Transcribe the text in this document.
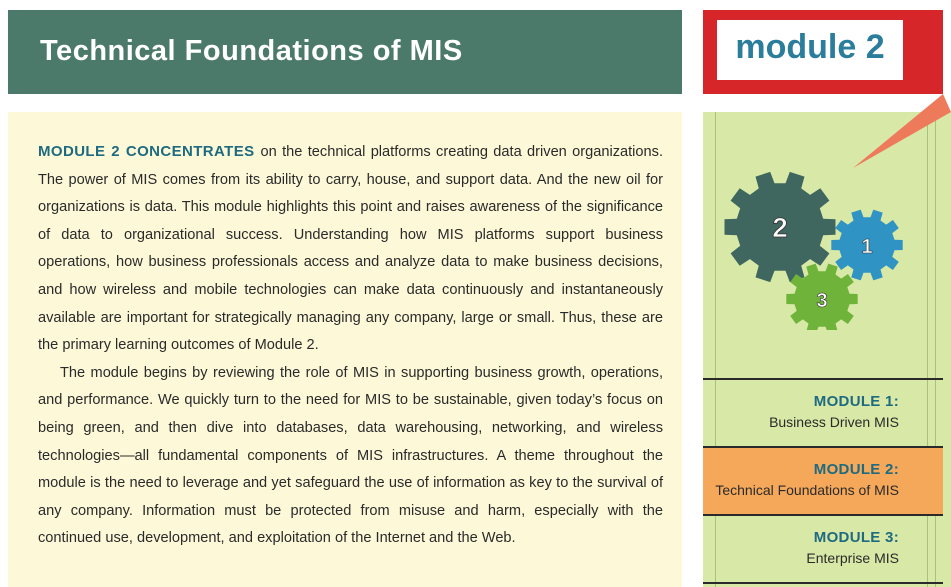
Technical Foundations of MIS	module 2

MODULE 2 CONCENTRATES on the technical platforms creating data driven organizations. The power of MIS comes from its ability to carry, house, and support data. And the new oil for organizations is data. This module highlights this point and raises awareness of the significance of data to organizational success. Understanding how MIS platforms support business operations, how business professionals access and analyze data to make business decisions, and how wireless and mobile technologies can make data continuously and instantaneously available are important for strategically managing any company, large or small. Thus, these are the primary learning outcomes of Module 2.

The module begins by reviewing the role of MIS in supporting business growth, operations, and performance. We quickly turn to the need for MIS to be sustainable, given today’s focus on being green, and then dive into databases, data warehousing, networking, and wireless technologies—all fundamental components of MIS infrastructures. A theme throughout the module is the need to leverage and yet safeguard the use of information as key to the survival of any company. Information must be protected from misuse and harm, especially with the continued use, development, and exploitation of the Internet and the Web.

2
1
3
MODULE 1:
Business Driven MIS
MODULE 2:
Technical Foundations of MIS
MODULE 3:
Enterprise MIS
